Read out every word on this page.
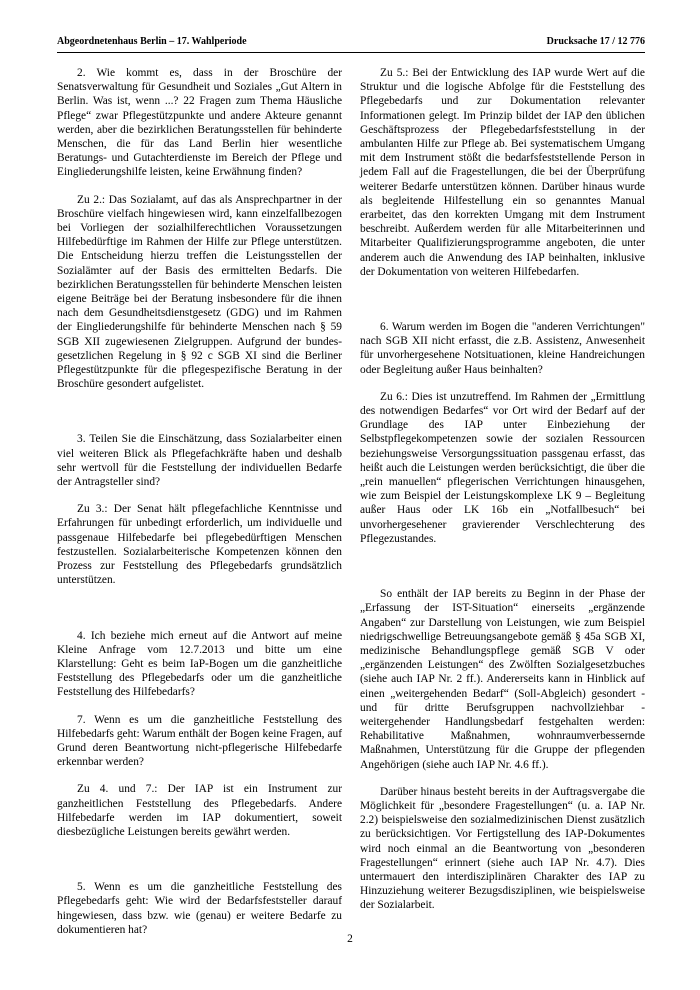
Abgeordnetenhaus Berlin – 17. Wahlperiode	Drucksache 17 / 12 776

2. Wie kommt es, dass in der Broschüre der Senatsverwaltung für Gesundheit und Soziales „Gut Altern in Berlin. Was ist, wenn ...? 22 Fragen zum Thema Häusliche Pflege“ zwar Pflegestützpunkte und andere Akteure genannt werden, aber die bezirklichen Beratungsstellen für behinderte Menschen, die für das Land Berlin hier wesentliche Beratungs- und Gutachterdienste im Bereich der Pflege und Eingliederungshilfe leisten, keine Erwähnung finden?

Zu 2.: Das Sozialamt, auf das als Ansprechpartner in der Broschüre vielfach hingewiesen wird, kann einzelfallbezogen bei Vorliegen der sozialhilferechtlichen Voraussetzungen Hilfebedürftige im Rahmen der Hilfe zur Pflege unterstützen. Die Entscheidung hierzu treffen die Leistungsstellen der Sozialämter auf der Basis des ermittelten Bedarfs. Die bezirklichen Beratungsstellen für behinderte Menschen leisten eigene Beiträge bei der Beratung insbesondere für die ihnen nach dem Gesundheitsdienstgesetz (GDG) und im Rahmen der Eingliederungshilfe für behinderte Menschen nach § 59 SGB XII zugewiesenen Zielgruppen. Aufgrund der bundes-gesetzlichen Regelung in § 92 c SGB XI sind die Berliner Pflegestützpunkte für die pflegespezifische Beratung in der Broschüre gesondert aufgelistet.

3. Teilen Sie die Einschätzung, dass Sozialarbeiter einen viel weiteren Blick als Pflegefachkräfte haben und deshalb sehr wertvoll für die Feststellung der individuellen Bedarfe der Antragsteller sind?

Zu 3.: Der Senat hält pflegefachliche Kenntnisse und Erfahrungen für unbedingt erforderlich, um individuelle und passgenaue Hilfebedarfe bei pflegebedürftigen Menschen festzustellen. Sozialarbeiterische Kompetenzen können den Prozess zur Feststellung des Pflegebedarfs grundsätzlich unterstützen.

4. Ich beziehe mich erneut auf die Antwort auf meine Kleine Anfrage vom 12.7.2013 und bitte um eine Klarstellung: Geht es beim IaP-Bogen um die ganzheitliche Feststellung des Pflegebedarfs oder um die ganzheitliche Feststellung des Hilfebedarfs?

7. Wenn es um die ganzheitliche Feststellung des Hilfebedarfs geht: Warum enthält der Bogen keine Fragen, auf Grund deren Beantwortung nicht-pflegerische Hilfebedarfe erkennbar werden?

Zu 4. und 7.: Der IAP ist ein Instrument zur ganzheitlichen Feststellung des Pflegebedarfs. Andere Hilfebedarfe werden im IAP dokumentiert, soweit diesbezügliche Leistungen bereits gewährt werden.

5. Wenn es um die ganzheitliche Feststellung des Pflegebedarfs geht: Wie wird der Bedarfsfeststeller darauf hingewiesen, dass bzw. wie (genau) er weitere Bedarfe zu dokumentieren hat?

Zu 5.: Bei der Entwicklung des IAP wurde Wert auf die Struktur und die logische Abfolge für die Feststellung des Pflegebedarfs und zur Dokumentation relevanter Informationen gelegt. Im Prinzip bildet der IAP den üblichen Geschäftsprozess der Pflegebedarfsfeststellung in der ambulanten Hilfe zur Pflege ab. Bei systematischem Umgang mit dem Instrument stößt die bedarfsfeststellende Person in jedem Fall auf die Fragestellungen, die bei der Überprüfung weiterer Bedarfe unterstützen können. Darüber hinaus wurde als begleitende Hilfestellung ein so genanntes Manual erarbeitet, das den korrekten Umgang mit dem Instrument beschreibt. Außerdem werden für alle Mitarbeiterinnen und Mitarbeiter Qualifizierungsprogramme angeboten, die unter anderem auch die Anwendung des IAP beinhalten, inklusive der Dokumentation von weiteren Hilfebedarfen.

6. Warum werden im Bogen die "anderen Verrichtungen" nach SGB XII nicht erfasst, die z.B. Assistenz, Anwesenheit für unvorhergesehene Notsituationen, kleine Handreichungen oder Begleitung außer Haus beinhalten?

Zu 6.: Dies ist unzutreffend. Im Rahmen der „Ermittlung des notwendigen Bedarfes“ vor Ort wird der Bedarf auf der Grundlage des IAP unter Einbeziehung der Selbstpflegekompetenzen sowie der sozialen Ressourcen beziehungsweise Versorgungssituation passgenau erfasst, das heißt auch die Leistungen werden berücksichtigt, die über die „rein manuellen“ pflegerischen Verrichtungen hinausgehen, wie zum Beispiel der Leistungskomplexe LK 9 – Begleitung außer Haus oder LK 16b ein „Notfallbesuch“ bei unvorhergesehener gravierender Verschlechterung des Pflegezustandes.

So enthält der IAP bereits zu Beginn in der Phase der „Erfassung der IST-Situation“ einerseits „ergänzende Angaben“ zur Darstellung von Leistungen, wie zum Beispiel niedrigschwellige Betreuungsangebote gemäß § 45a SGB XI, medizinische Behandlungspflege gemäß SGB V oder „ergänzenden Leistungen“ des Zwölften Sozialgesetzbuches (siehe auch IAP Nr. 2 ff.). Andererseits kann in Hinblick auf einen „weitergehenden Bedarf“ (Soll-Abgleich) gesondert - und für dritte Berufsgruppen nachvollziehbar - weitergehender Handlungsbedarf festgehalten werden: Rehabilitative Maßnahmen, wohnraumverbessernde Maßnahmen, Unterstützung für die Gruppe der pflegenden Angehörigen (siehe auch IAP Nr. 4.6 ff.).

Darüber hinaus besteht bereits in der Auftragsvergabe die Möglichkeit für „besondere Fragestellungen“ (u. a. IAP Nr. 2.2) beispielsweise den sozialmedizinischen Dienst zusätzlich zu berücksichtigen. Vor Fertigstellung des IAP-Dokumentes wird noch einmal an die Beantwortung von „besonderen Fragestellungen“ erinnert (siehe auch IAP Nr. 4.7). Dies untermauert den interdisziplinären Charakter des IAP zu Hinzuziehung weiterer Bezugsdisziplinen, wie beispielsweise der Sozialarbeit.

2
